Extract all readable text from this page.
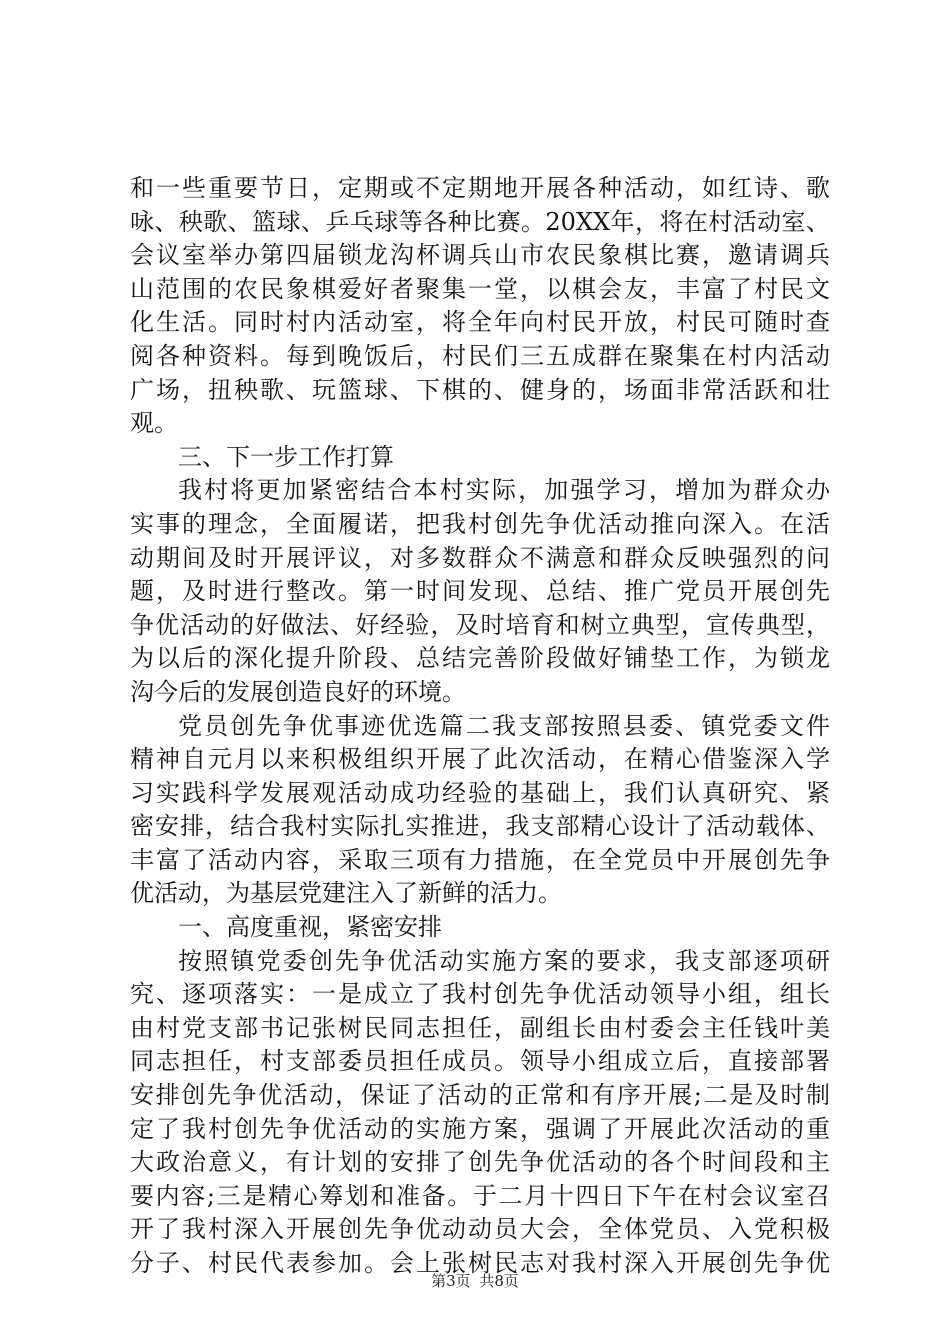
和一些重要节日，定期或不定期地开展各种活动，如红诗、歌
咏、秧歌、篮球、乒乓球等各种比赛。20XX年，将在村活动室、
会议室举办第四届锁龙沟杯调兵山市农民象棋比赛，邀请调兵
山范围的农民象棋爱好者聚集一堂，以棋会友，丰富了村民文
化生活。同时村内活动室，将全年向村民开放，村民可随时查
阅各种资料。每到晚饭后，村民们三五成群在聚集在村内活动
广场，扭秧歌、玩篮球、下棋的、健身的，场面非常活跃和壮
观。
三、下一步工作打算
我村将更加紧密结合本村实际，加强学习，增加为群众办
实事的理念，全面履诺，把我村创先争优活动推向深入。在活
动期间及时开展评议，对多数群众不满意和群众反映强烈的问
题，及时进行整改。第一时间发现、总结、推广党员开展创先
争优活动的好做法、好经验，及时培育和树立典型，宣传典型，
为以后的深化提升阶段、总结完善阶段做好铺垫工作，为锁龙
沟今后的发展创造良好的环境。
党员创先争优事迹优选篇二我支部按照县委、镇党委文件
精神自元月以来积极组织开展了此次活动，在精心借鉴深入学
习实践科学发展观活动成功经验的基础上，我们认真研究、紧
密安排，结合我村实际扎实推进，我支部精心设计了活动载体、
丰富了活动内容，采取三项有力措施，在全党员中开展创先争
优活动，为基层党建注入了新鲜的活力。
一、高度重视，紧密安排
按照镇党委创先争优活动实施方案的要求，我支部逐项研
究、逐项落实：一是成立了我村创先争优活动领导小组，组长
由村党支部书记张树民同志担任，副组长由村委会主任钱叶美
同志担任，村支部委员担任成员。领导小组成立后，直接部署
安排创先争优活动，保证了活动的正常和有序开展;二是及时制
定了我村创先争优活动的实施方案，强调了开展此次活动的重
大政治意义，有计划的安排了创先争优活动的各个时间段和主
要内容;三是精心筹划和准备。于二月十四日下午在村会议室召
开了我村深入开展创先争优动动员大会，全体党员、入党积极
分子、村民代表参加。会上张树民志对我村深入开展创先争优
第3页 共8页
